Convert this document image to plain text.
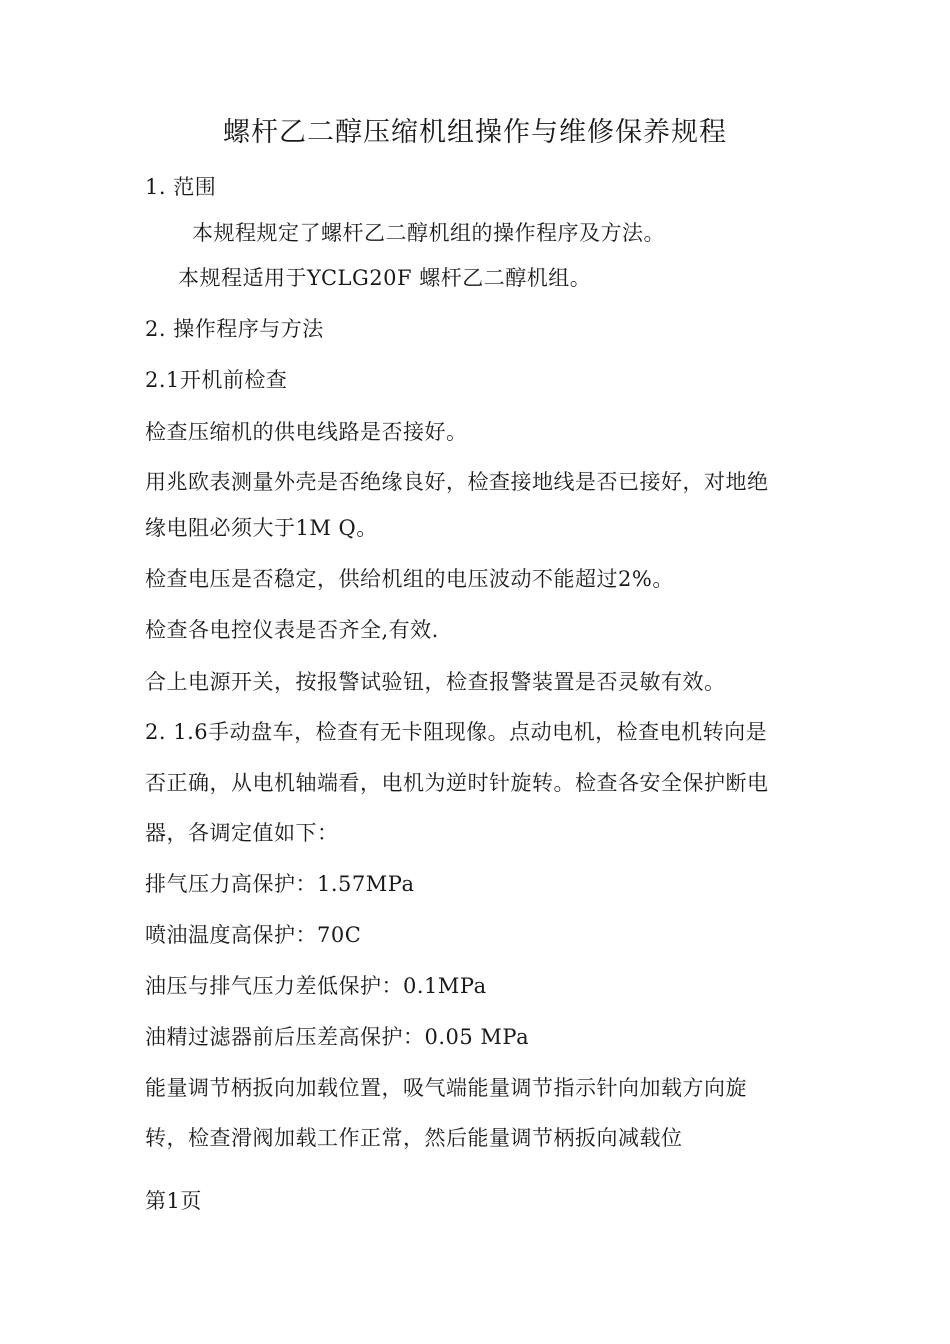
螺杆乙二醇压缩机组操作与维修保养规程
1. 范围
本规程规定了螺杆乙二醇机组的操作程序及方法。
本规程适用于YCLG20F 螺杆乙二醇机组。
2. 操作程序与方法
2.1开机前检查
检查压缩机的供电线路是否接好。
用兆欧表测量外壳是否绝缘良好，检查接地线是否已接好，对地绝
缘电阻必须大于1M Q。
检查电压是否稳定，供给机组的电压波动不能超过2%。
检查各电控仪表是否齐全,有效.
合上电源开关，按报警试验钮，检查报警装置是否灵敏有效。
2. 1.6手动盘车，检查有无卡阻现像。点动电机，检查电机转向是
否正确，从电机轴端看，电机为逆时针旋转。检查各安全保护断电
器，各调定值如下：
排气压力高保护：1.57MPa
喷油温度高保护：70C
油压与排气压力差低保护：0.1MPa
油精过滤器前后压差高保护：0.05 MPa
能量调节柄扳向加载位置，吸气端能量调节指示针向加载方向旋
转，检查滑阀加载工作正常，然后能量调节柄扳向减载位
第1页
